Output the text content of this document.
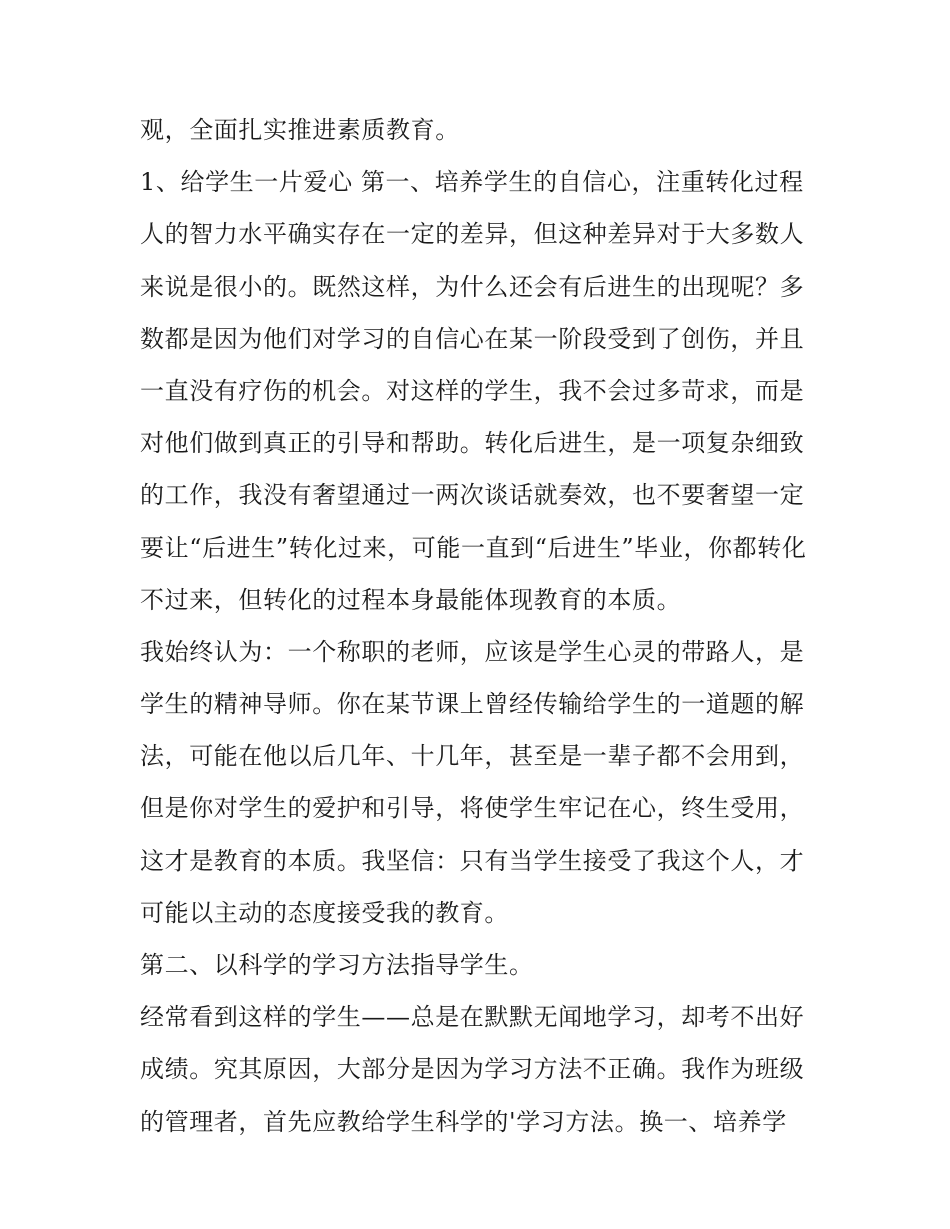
观，全面扎实推进素质教育。
1、给学生一片爱心 第一、培养学生的自信心，注重转化过程
人的智力水平确实存在一定的差异，但这种差异对于大多数人
来说是很小的。既然这样，为什么还会有后进生的出现呢？多
数都是因为他们对学习的自信心在某一阶段受到了创伤，并且
一直没有疗伤的机会。对这样的学生，我不会过多苛求，而是
对他们做到真正的引导和帮助。转化后进生，是一项复杂细致
的工作，我没有奢望通过一两次谈话就奏效，也不要奢望一定
要让“后进生”转化过来，可能一直到“后进生”毕业，你都转化
不过来，但转化的过程本身最能体现教育的本质。
我始终认为：一个称职的老师，应该是学生心灵的带路人，是
学生的精神导师。你在某节课上曾经传输给学生的一道题的解
法，可能在他以后几年、十几年，甚至是一辈子都不会用到，
但是你对学生的爱护和引导，将使学生牢记在心，终生受用，
这才是教育的本质。我坚信：只有当学生接受了我这个人，才
可能以主动的态度接受我的教育。
第二、以科学的学习方法指导学生。
经常看到这样的学生——总是在默默无闻地学习，却考不出好
成绩。究其原因，大部分是因为学习方法不正确。我作为班级
的管理者，首先应教给学生科学的'学习方法。换一、培养学
